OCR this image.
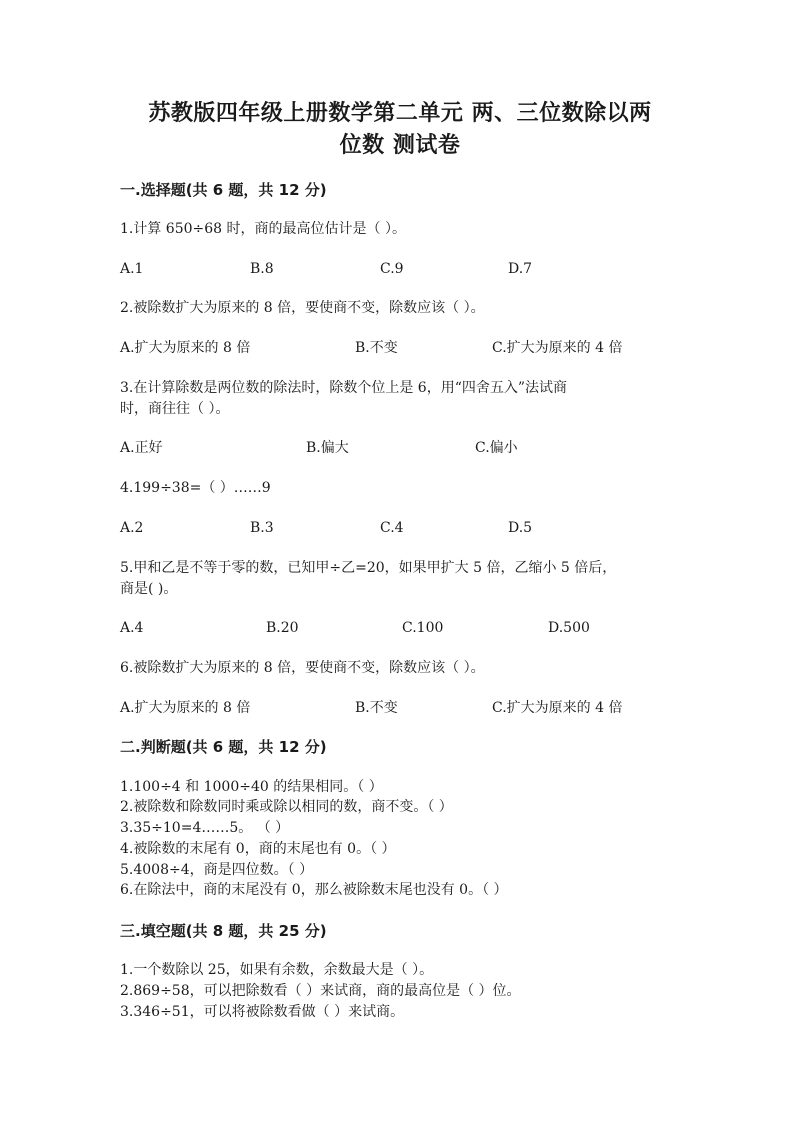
苏教版四年级上册数学第二单元 两、三位数除以两
位数 测试卷
一.选择题(共 6 题，共 12 分)
1.计算 650÷68 时，商的最高位估计是（ ）。
A.1	B.8	C.9	D.7
2.被除数扩大为原来的 8 倍，要使商不变，除数应该（ ）。
A.扩大为原来的 8 倍	B.不变	C.扩大为原来的 4 倍
3.在计算除数是两位数的除法时，除数个位上是 6，用“四舍五入”法试商
时，商往往（ ）。
A.正好	B.偏大	C.偏小
4.199÷38=（ ）……9
A.2	B.3	C.4	D.5
5.甲和乙是不等于零的数，已知甲÷乙=20，如果甲扩大 5 倍，乙缩小 5 倍后，
商是( )。
A.4	B.20	C.100	D.500
6.被除数扩大为原来的 8 倍，要使商不变，除数应该（ ）。
A.扩大为原来的 8 倍	B.不变	C.扩大为原来的 4 倍
二.判断题(共 6 题，共 12 分)
1.100÷4 和 1000÷40 的结果相同。（ ）
2.被除数和除数同时乘或除以相同的数，商不变。（ ）
3.35÷10=4……5。 （ ）
4.被除数的末尾有 0，商的末尾也有 0。（ ）
5.4008÷4，商是四位数。（ ）
6.在除法中，商的末尾没有 0，那么被除数末尾也没有 0。（ ）
三.填空题(共 8 题，共 25 分)
1.一个数除以 25，如果有余数，余数最大是（ ）。
2.869÷58，可以把除数看（ ）来试商，商的最高位是（ ）位。
3.346÷51，可以将被除数看做（ ）来试商。
